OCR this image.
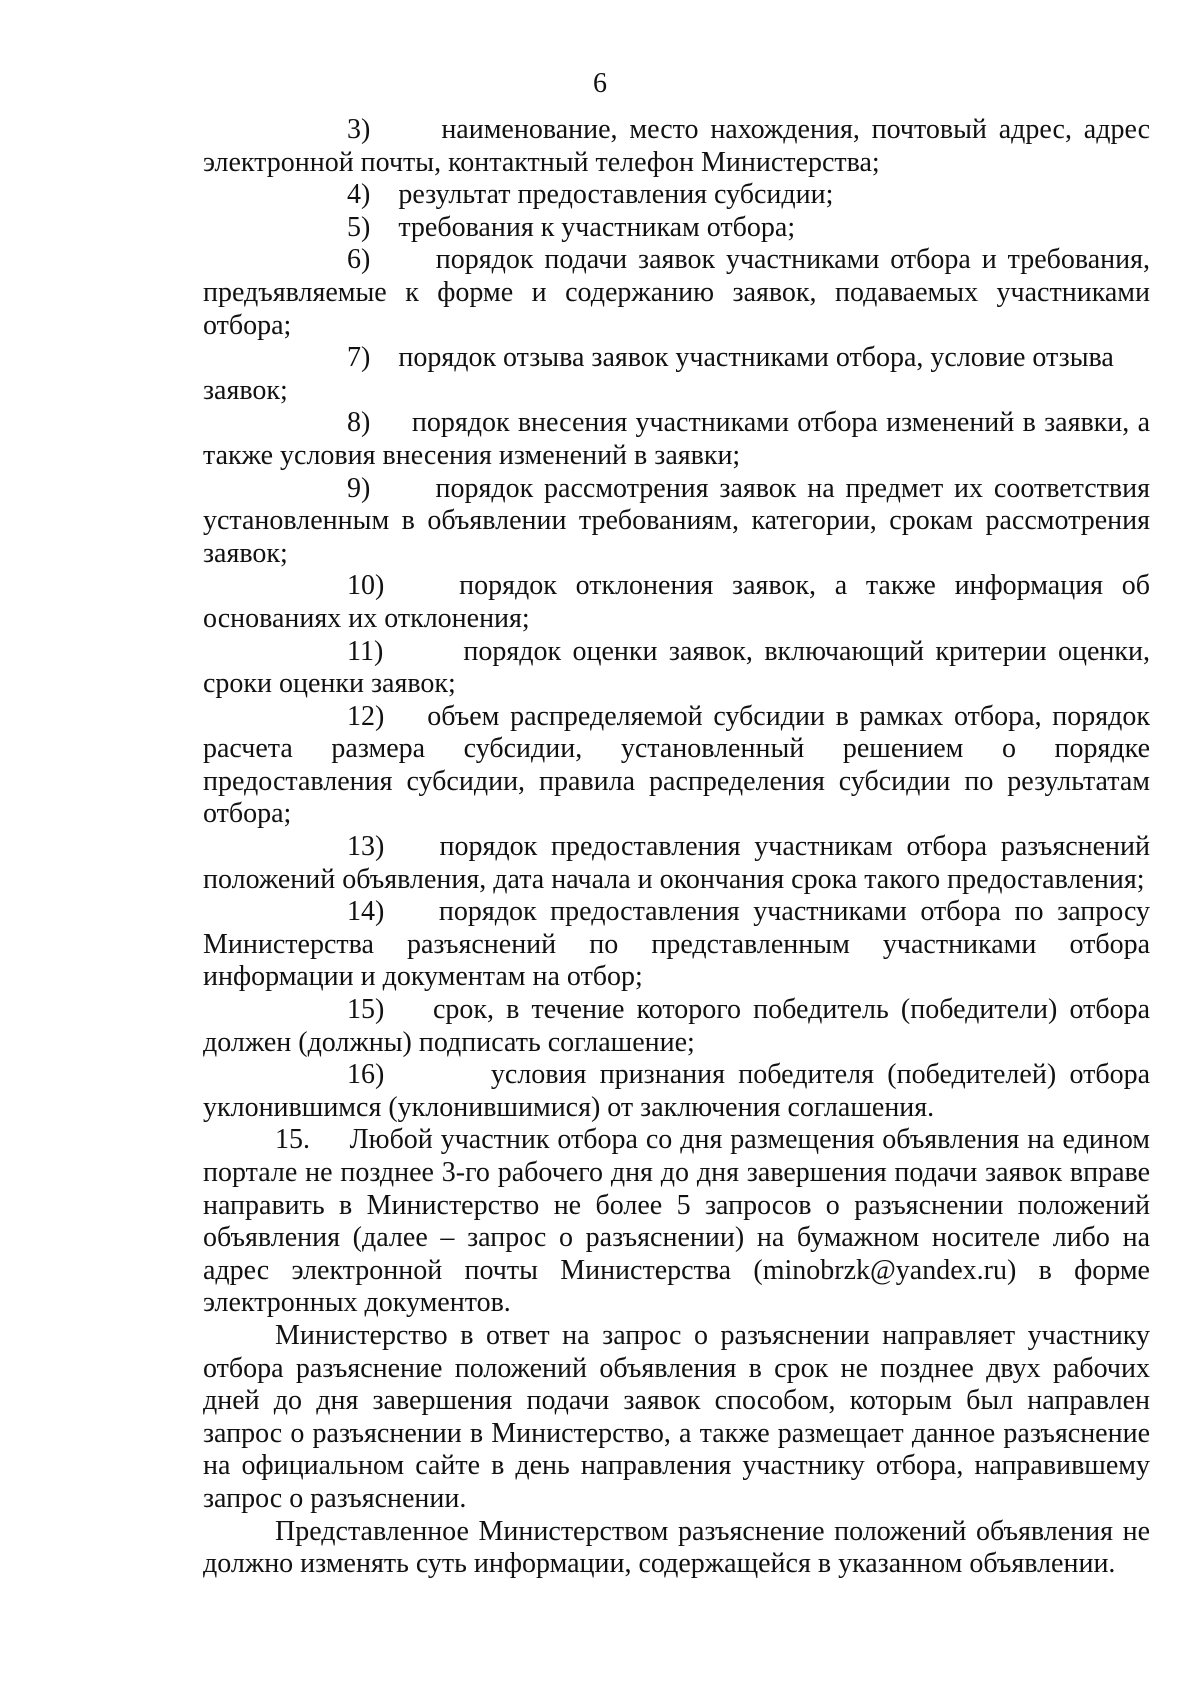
6

3)	наименование, место нахождения, почтовый адрес, адрес электронной почты, контактный телефон Министерства;

4) результат предоставления субсидии;

5) требования к участникам отбора;

6) порядок подачи заявок участниками отбора и требования, предъявляемые к форме и содержанию заявок, подаваемых участниками отбора;

7) порядок отзыва заявок участниками отбора, условие отзыва заявок;

8) порядок внесения участниками отбора изменений в заявки, а также условия внесения изменений в заявки;

9) порядок рассмотрения заявок на предмет их соответствия установленным в объявлении требованиям, категории, срокам рассмотрения заявок;

10)	порядок отклонения заявок, а также информация об основаниях их отклонения;

11)	порядок оценки заявок, включающий критерии оценки, сроки оценки заявок;

12) объем распределяемой субсидии в рамках отбора, порядок расчета размера субсидии, установленный решением о порядке предоставления субсидии, правила распределения субсидии по результатам отбора;

13) порядок предоставления участникам отбора разъяснений положений объявления, дата начала и окончания срока такого предоставления;

14) порядок предоставления участниками отбора по запросу Министерства разъяснений по представленным участниками отбора информации и документам на отбор;

15) срок, в течение которого победитель (победители) отбора должен (должны) подписать соглашение;

16)	условия признания победителя (победителей) отбора уклонившимся (уклонившимися) от заключения соглашения.

15. Любой участник отбора со дня размещения объявления на едином портале не позднее 3-го рабочего дня до дня завершения подачи заявок вправе направить в Министерство не более 5 запросов о разъяснении положений объявления (далее – запрос о разъяснении) на бумажном носителе либо на адрес электронной почты Министерства (minobrzk@yandex.ru) в форме электронных документов.

Министерство в ответ на запрос о разъяснении направляет участнику отбора разъяснение положений объявления в срок не позднее двух рабочих дней до дня завершения подачи заявок способом, которым был направлен запрос о разъяснении в Министерство, а также размещает данное разъяснение на официальном сайте в день направления участнику отбора, направившему запрос о разъяснении.

Представленное Министерством разъяснение положений объявления не должно изменять суть информации, содержащейся в указанном объявлении.
